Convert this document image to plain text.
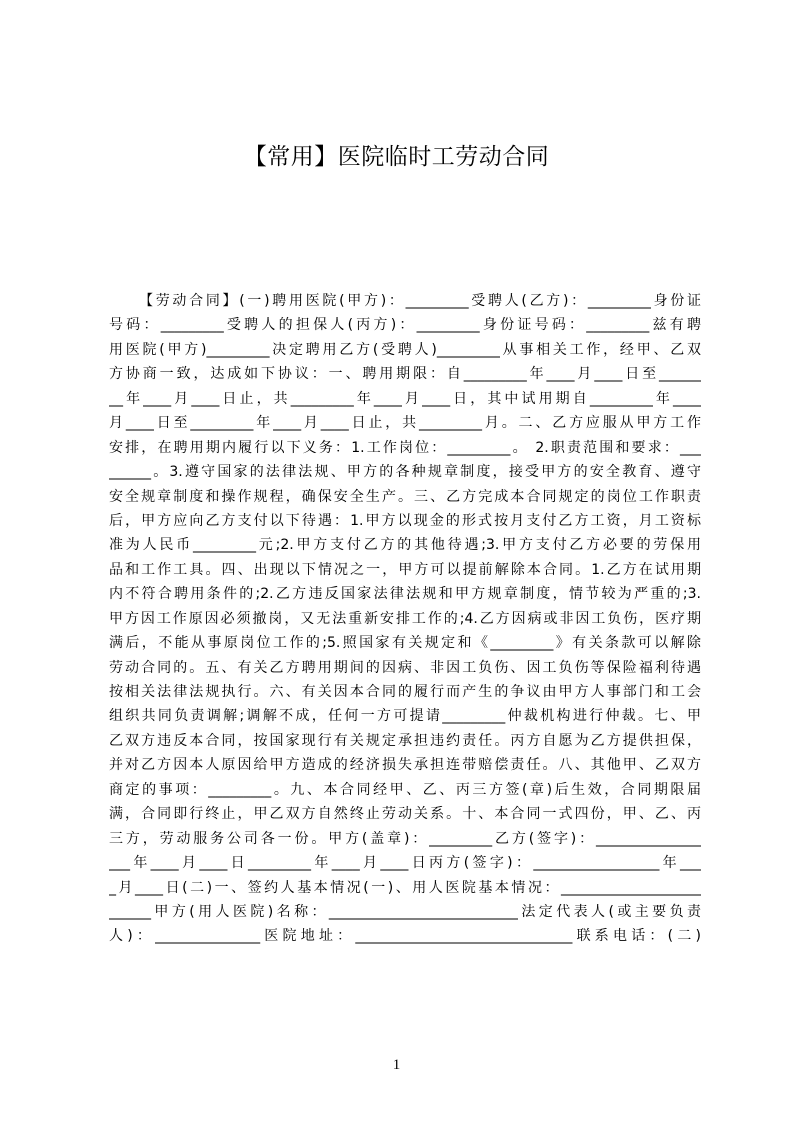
【常用】医院临时工劳动合同
【劳动合同】(一)聘用医院(甲方)：_________受聘人(乙方)：_________身份证
号码：_________受聘人的担保人(丙方)：_________身份证号码：_________兹有聘
用医院(甲方)_________决定聘用乙方(受聘人)_________从事相关工作，经甲、乙双
方协商一致，达成如下协议：一、聘用期限：自_________年____月____日至______
__年____月____日止，共_________年____月____日，其中试用期自_________年____
月____日至_________年____月____日止，共_________月。二、乙方应服从甲方工作
安排，在聘用期内履行以下义务：1.工作岗位：_________。 2.职责范围和要求：___
______。3.遵守国家的法律法规、甲方的各种规章制度，接受甲方的安全教育、遵守
安全规章制度和操作规程，确保安全生产。三、乙方完成本合同规定的岗位工作职责
后，甲方应向乙方支付以下待遇：1.甲方以现金的形式按月支付乙方工资，月工资标
准为人民币_________元;2.甲方支付乙方的其他待遇;3.甲方支付乙方必要的劳保用
品和工作工具。四、出现以下情况之一，甲方可以提前解除本合同。1.乙方在试用期
内不符合聘用条件的;2.乙方违反国家法律法规和甲方规章制度，情节较为严重的;3.
甲方因工作原因必须撤岗，又无法重新安排工作的;4.乙方因病或非因工负伤，医疗期
满后，不能从事原岗位工作的;5.照国家有关规定和《_________》有关条款可以解除
劳动合同的。五、有关乙方聘用期间的因病、非因工负伤、因工负伤等保险福利待遇
按相关法律法规执行。六、有关因本合同的履行而产生的争议由甲方人事部门和工会
组织共同负责调解;调解不成，任何一方可提请_________仲裁机构进行仲裁。七、甲
乙双方违反本合同，按国家现行有关规定承担违约责任。丙方自愿为乙方提供担保，
并对乙方因本人原因给甲方造成的经济损失承担连带赔偿责任。八、其他甲、乙双方
商定的事项：_________。九、本合同经甲、乙、丙三方签(章)后生效，合同期限届
满，合同即行终止，甲乙双方自然终止劳动关系。十、本合同一式四份，甲、乙、丙
三方，劳动服务公司各一份。甲方(盖章)：_________乙方(签字)：_______________
___年____月____日_________年____月____日丙方(签字)：__________________年___
_月____日(二)一、签约人基本情况(一)、用人医院基本情况：____________________
______甲方(用人医院)名称：___________________________法定代表人(或主要负责
人)：_______________医院地址：_______________________________联系电话：(二)
1
